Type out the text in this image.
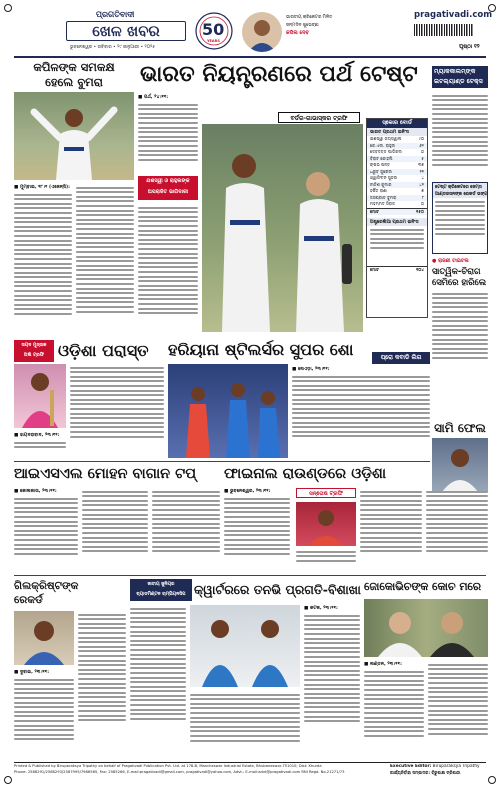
ପ୍ରଗତିବାଦୀ
ଖେଳ ଖବର
ଭୁବନେଶ୍ୱର • ରବିବାର • ୨୯ ଜାନୁଆରୀ • ୨୦୨୫
50
YEARS
ଭାରତୀୟ କ୍ରିକେଟର ମିଳିତ
ଜନ୍ମଦିନ ଶୁଭେଚ୍ଛା
କପିଲ ଦେବ
pragativadi.com
ପୃଷ୍ଠା ୧୨
କପିଳଙ୍କ ସମକକ୍ଷ
ହେଲେ ବୁମରା
■ ମୁମ୍ବାଇ, ୧୮।୧ (ଏଜେନ୍ସି):
ଭାରତ ନିୟନ୍ତ୍ରଣରେ ପର୍ଥ ଟେଷ୍ଟ
ବର୍ଡର-ଗାଭାସ୍କର ଟ୍ରଫି
ଯଶସ୍ୱୀ ଓ ରାହୁଲଙ୍କ
ଅପରାଜିତ ଭାଗିଦାରୀ
■ ପର୍ଥ, ୨୪।୧୧:
ସ୍କୋର ବୋର୍ଡ
ଭାରତ ପ୍ରଥମ ଇନିଂସ
ଯଶସ୍ୱୀ ଜୟସ୍ୱାଲ	୯୦
କେ.ଏଲ. ରାହୁଲ	୬୨
ଦେବଦତ୍ତ ପାଡିକଲ	୦
ବିରାଟ କୋହଲି	୫
ଋଷଭ ପନ୍ତ	୩୭
ଧ୍ରୁବ ଜୁରେଲ	୧୧
ଓ୍ୱାସିଂଟନ ସୁନ୍ଦର	୪
ନୀତିଶ କୁମାର	୪୧
ହର୍ଷିତ ରାଣା	୭
ଜସପ୍ରୀତ ବୁମରା	୮
ମହମ୍ମଦ ସିରାଜ	୦
ମୋଟ	୧୫୦
ଅଷ୍ଟ୍ରେଲିଆ ପ୍ରଥମ ଇନିଂସ
ମୋଟ	୧୦୪
ମ୍ୟାକକାଲମ୍ଙ୍କ
ଇଟଲ୍ୟାଣ୍ଡ ଟେକ୍ସ
ଟେଷ୍ଟ କ୍ରିକେଟରେ ଜେମ୍ସ
ଆଣ୍ଡରସନଙ୍କ ରେକର୍ଡ ଭଙ୍ଗ
● ରାଜଣୀ ଟାଇଟଲ
ସାତ୍ୱିକ-ଚିରାଗ
ସେମିରେ ହାରିଲେ
ସାମି ଫେଲ
ସୟଦ ମୁସ୍ତାକ
ଅଲି ଟ୍ରଫି ଓଡ଼ିଶା ପରାସ୍ତ
■ ହାୟଦରାବାଦ, ୨୩।୧୧:
ହରିୟାନା ଷ୍ଟିଲର୍ସର ସୁପର ଶୋ	ପ୍ରୋ କବାଡି ଲିଗ
■ ନୋଏଡ଼ା, ୨୩।୧୧:
ଆଇଏସଏଲ ମୋହନ ବାଗାନ ଟପ୍‌
■ କୋଲକାତା, ୨୩।୧୧:
ଫାଇନାଲ ରାଉଣ୍ଡରେ ଓଡ଼ିଶା
■ ଭୁବନେଶ୍ୱର, ୨୩।୧୧:	ସନ୍ତୋଷ ଟ୍ରଫି
ଗିଲକ୍ରିଷ୍ଟଙ୍କ
ରେକର୍ଡ
■ ଦୁବାଇ, ୨୩।୧୧:
ଜାତୀୟ ଜୁନିୟର
ବ୍ୟାଡମିଣ୍ଟନ ଚାମ୍ପିୟନସିପ କ୍ୱାର୍ଟରରେ ତନଭି ପ୍ରଗତି-ବିଶାଖା
■ କଟକ, ୨୩।୧୧:
ଜୋକୋଭିଚଙ୍କ କୋଚ ମରେ
■ ଲଣ୍ଡନ, ୨୩।୧୧:
Printed & Published by Biruparaksya Tripathy on behalf of Pragativadi Publication Pvt. Ltd. at 178-B, Mancheswar Industrial Estate, Bhubaneswar-751010; Dist: Khurda
Phone: 2588291/2588293/2587995/7986565, Fax: 2585266, E-mail:pragativadi@gmail.com, pragativadi@yahoo.com, Advt.: E-mail:advt@pragativadi.com RNI Regd. No.21271/73
Executive Editor: Biruparaksya Tripathy
କାର୍ଯ୍ୟନିର୍ବାହୀ ସମ୍ପାଦକ: ବିରୁପାକ୍ଷ ତ୍ରିପାଠୀ
